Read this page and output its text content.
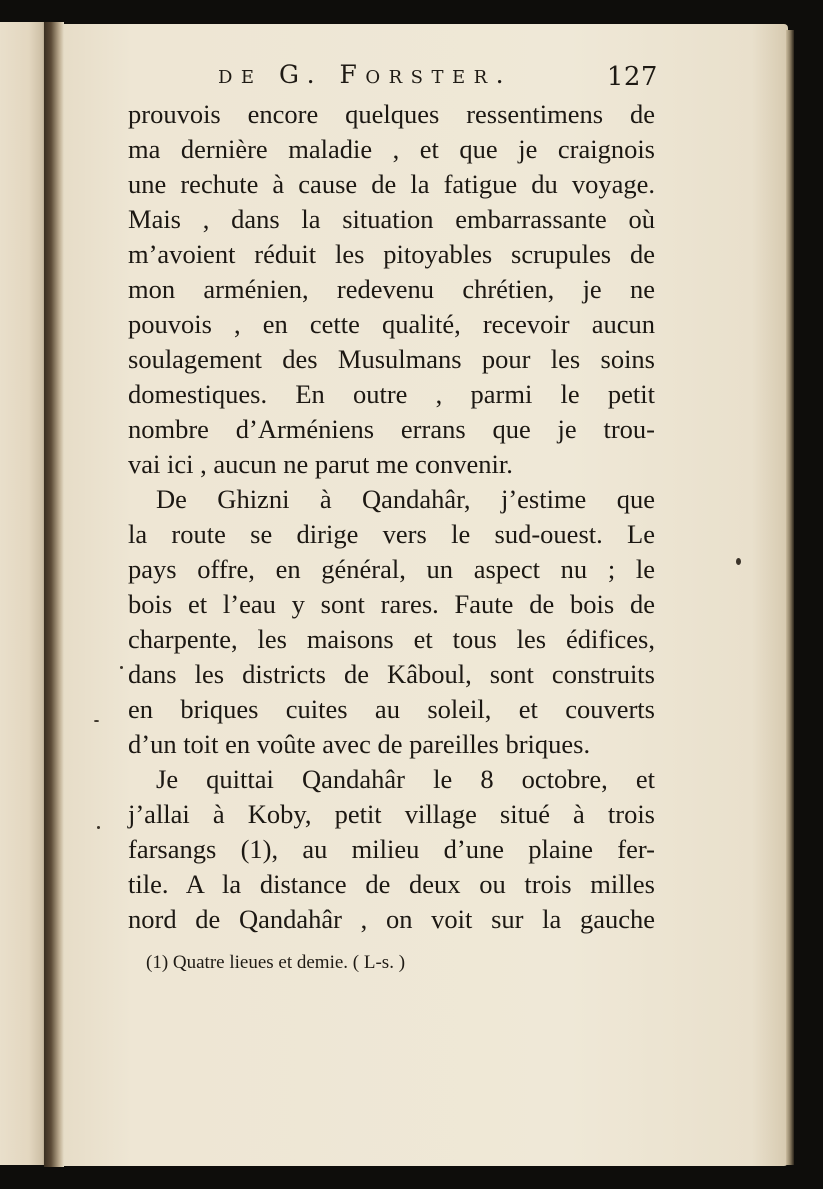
de G. Forster.	127
prouvois encore quelques ressentimens de
ma dernière maladie , et que je craignois
une rechute à cause de la fatigue du voyage.
Mais , dans la situation embarrassante où
m’avoient réduit les pitoyables scrupules de
mon arménien, redevenu chrétien, je ne
pouvois , en cette qualité, recevoir aucun
soulagement des Musulmans pour les soins
domestiques. En outre , parmi le petit
nombre d’Arméniens errans que je trou-
vai ici , aucun ne parut me convenir.
De Ghizni à Qandahâr, j’estime que
la route se dirige vers le sud-ouest. Le
pays offre, en général, un aspect nu ; le
bois et l’eau y sont rares. Faute de bois de
charpente, les maisons et tous les édifices,
dans les districts de Kâboul, sont construits
en briques cuites au soleil, et couverts
d’un toit en voûte avec de pareilles briques.
Je quittai Qandahâr le 8 octobre, et
j’allai à Koby, petit village situé à trois
farsangs (1), au milieu d’une plaine fer-
tile. A la distance de deux ou trois milles
nord de Qandahâr , on voit sur la gauche
(1) Quatre lieues et demie. ( L-s. )
